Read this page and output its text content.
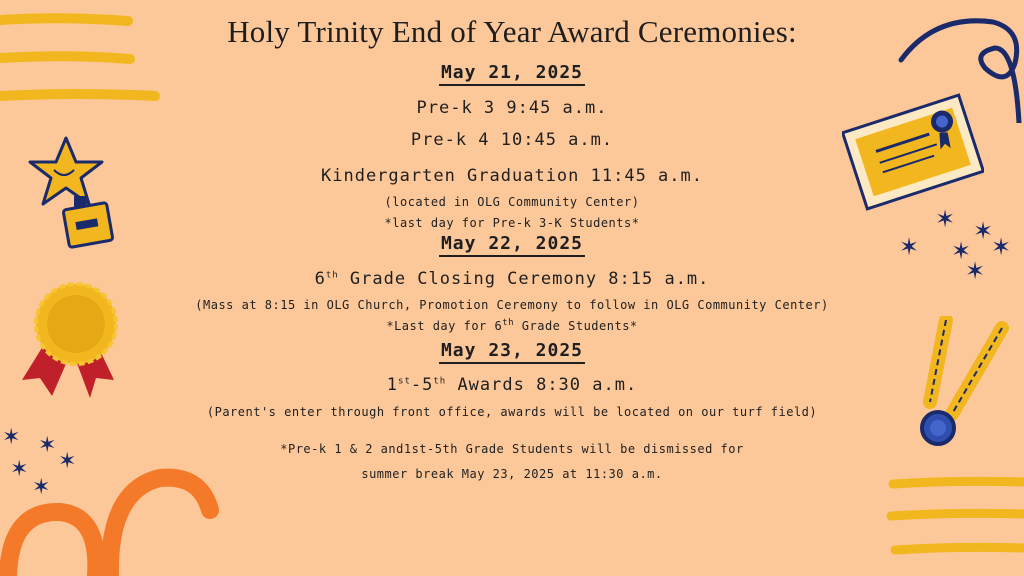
✶ ✶
✶
✶
✶
✶ ✶
✶ ✶ ✶
✶
Holy Trinity End of Year Award Ceremonies:
May 21, 2025
Pre-k 3 9:45 a.m.
Pre-k 4 10:45 a.m.
Kindergarten Graduation 11:45 a.m.
(located in OLG Community Center)
*last day for Pre-k 3-K Students*
May 22, 2025
6th Grade Closing Ceremony 8:15 a.m.
(Mass at 8:15 in OLG Church, Promotion Ceremony to follow in OLG Community Center)
*Last day for 6th Grade Students*
May 23, 2025
1st-5th Awards 8:30 a.m.
(Parent's enter through front office, awards will be located on our turf field)
*Pre-k 1 & 2 and1st-5th Grade Students will be dismissed for
summer break May 23, 2025 at 11:30 a.m.
